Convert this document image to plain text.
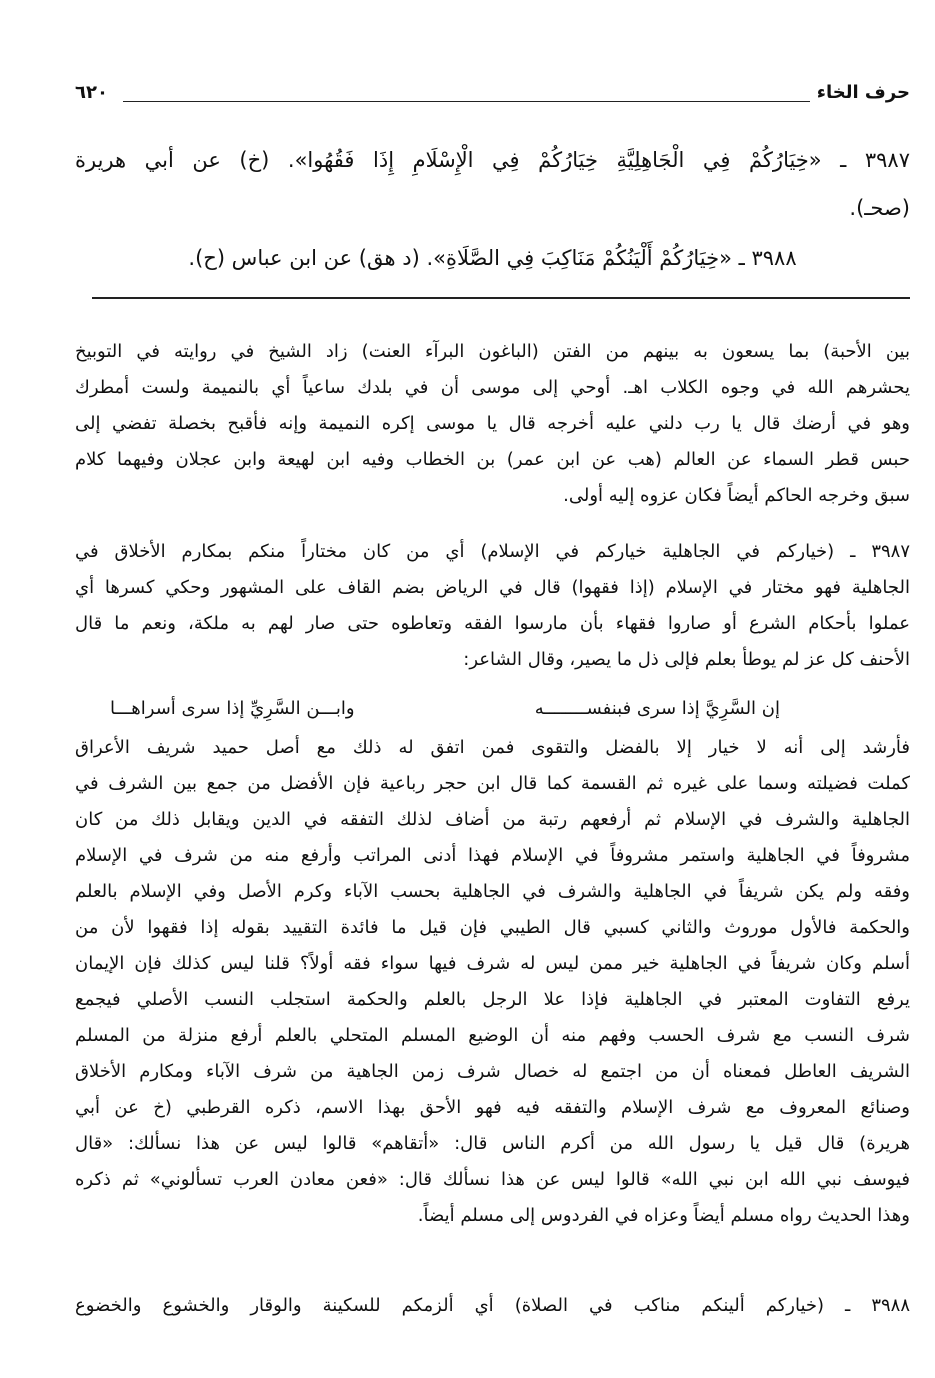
حرف الخاء
٦٢٠
٣٩٨٧ ـ «خِيَارُكُمْ فِي الْجَاهِلِيَّةِ خِيَارُكُمْ فِي الْإِسْلَامِ إِذَا فَقُهُوا». (خ) عن أبي هريرة
(صحـ).
٣٩٨٨ ـ «خِيَارُكُمْ أَلْيَنُكُمْ مَنَاكِبَ فِي الصَّلَاةِ». (د هق) عن ابن عباس (ح).
بين الأحبة) بما يسعون به بينهم من الفتن (الباغون البرآء العنت) زاد الشيخ في روايته في التوبيخ
يحشرهم الله في وجوه الكلاب اهـ. أوحي إلى موسى أن في بلدك ساعياً أي بالنميمة ولست أمطرك
وهو في أرضك قال يا رب دلني عليه أخرجه قال يا موسى إكره النميمة وإنه فأقبح بخصلة تفضي إلى
حبس قطر السماء عن العالم (هب عن ابن عمر) بن الخطاب وفيه ابن لهيعة وابن عجلان وفيهما كلام
سبق وخرجه الحاكم أيضاً فكان عزوه إليه أولى.
٣٩٨٧ ـ (خياركم في الجاهلية خياركم في الإسلام) أي من كان مختاراً منكم بمكارم الأخلاق في
الجاهلية فهو مختار في الإسلام (إذا فقهوا) قال في الرياض بضم القاف على المشهور وحكي كسرها أي
عملوا بأحكام الشرع أو صاروا فقهاء بأن مارسوا الفقه وتعاطوه حتى صار لهم به ملكة، ونعم ما قال
الأحنف كل عز لم يوطأ بعلم فإلى ذل ما يصير، وقال الشاعر:
إن السَّرِيَّ إذا سرى فبنفســــــــه
وابـــن السَّرِيِّ إذا سرى أسراهـــا
فأرشد إلى أنه لا خيار إلا بالفضل والتقوى فمن اتفق له ذلك مع أصل حميد شريف الأعراق
كملت فضيلته وسما على غيره ثم القسمة كما قال ابن حجر رباعية فإن الأفضل من جمع بين الشرف في
الجاهلية والشرف في الإسلام ثم أرفعهم رتبة من أضاف لذلك التفقه في الدين ويقابل ذلك من كان
مشروفاً في الجاهلية واستمر مشروفاً في الإسلام فهذا أدنى المراتب وأرفع منه من شرف في الإسلام
وفقه ولم يكن شريفاً في الجاهلية والشرف في الجاهلية بحسب الآباء وكرم الأصل وفي الإسلام بالعلم
والحكمة فالأول موروث والثاني كسبي قال الطيبي فإن قيل ما فائدة التقييد بقوله إذا فقهوا لأن من
أسلم وكان شريفاً في الجاهلية خير ممن ليس له شرف فيها سواء فقه أولاً؟ قلنا ليس كذلك فإن الإيمان
يرفع التفاوت المعتبر في الجاهلية فإذا علا الرجل بالعلم والحكمة استجلب النسب الأصلي فيجمع
شرف النسب مع شرف الحسب وفهم منه أن الوضيع المسلم المتحلي بالعلم أرفع منزلة من المسلم
الشريف العاطل فمعناه أن من اجتمع له خصال شرف زمن الجاهية من شرف الآباء ومكارم الأخلاق
وصنائع المعروف مع شرف الإسلام والتفقه فيه فهو الأحق بهذا الاسم، ذكره القرطبي (خ عن أبي
هريرة) قال قيل يا رسول الله من أكرم الناس قال: «أتقاهم» قالوا ليس عن هذا نسألك: «قال
فيوسف نبي الله ابن نبي الله» قالوا ليس عن هذا نسألك قال: «فعن معادن العرب تسألوني» ثم ذكره
وهذا الحديث رواه مسلم أيضاً وعزاه في الفردوس إلى مسلم أيضاً.
٣٩٨٨ ـ (خياركم ألينكم مناكب في الصلاة) أي ألزمكم للسكينة والوقار والخشوع والخضوع
